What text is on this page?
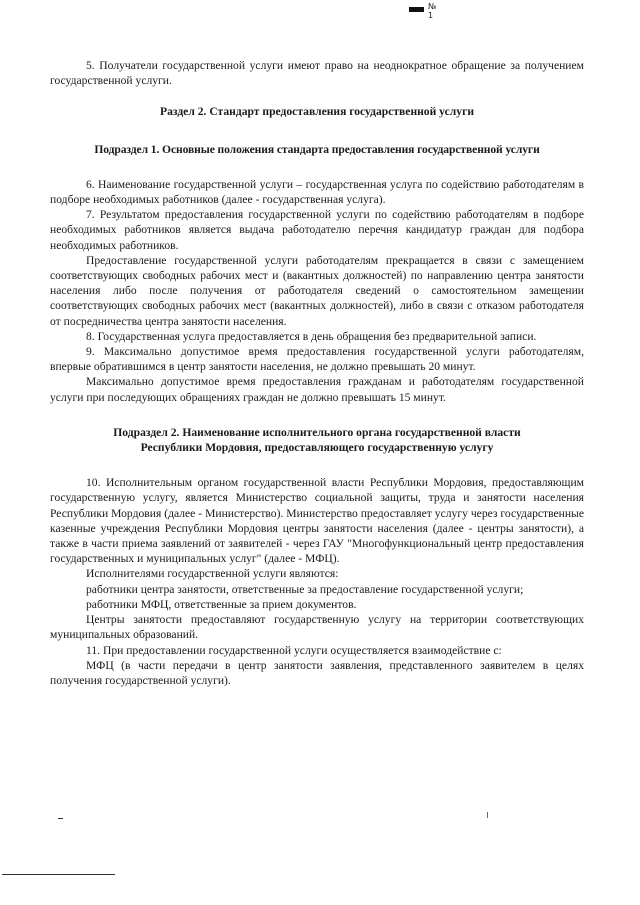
№ 1

5. Получатели государственной услуги имеют право на неоднократное обращение за получением государственной услуги.

Раздел 2. Стандарт предоставления государственной услуги

Подраздел 1. Основные положения стандарта предоставления государственной услуги

6. Наименование государственной услуги – государственная услуга по содействию работодателям в подборе необходимых работников (далее - государственная услуга).

7. Результатом предоставления государственной услуги по содействию работодателям в подборе необходимых работников является выдача работодателю перечня кандидатур граждан для подбора необходимых работников.

Предоставление государственной услуги работодателям прекращается в связи с замещением соответствующих свободных рабочих мест и (вакантных должностей) по направлению центра занятости населения либо после получения от работодателя сведений о самостоятельном замещении соответствующих свободных рабочих мест (вакантных должностей), либо в связи с отказом работодателя от посредничества центра занятости населения.

8. Государственная услуга предоставляется в день обращения без предварительной записи.

9. Максимально допустимое время предоставления государственной услуги работодателям, впервые обратившимся в центр занятости населения, не должно превышать 20 минут.

Максимально допустимое время предоставления гражданам и работодателям государственной услуги при последующих обращениях граждан не должно превышать 15 минут.

Подраздел 2. Наименование исполнительного органа государственной власти

Республики Мордовия, предоставляющего государственную услугу

10. Исполнительным органом государственной власти Республики Мордовия, предоставляющим государственную услугу, является Министерство социальной защиты, труда и занятости населения Республики Мордовия (далее - Министерство). Министерство предоставляет услугу через государственные казенные учреждения Республики Мордовия центры занятости населения (далее - центры занятости), а также в части приема заявлений от заявителей - через ГАУ "Многофункциональный центр предоставления государственных и муниципальных услуг" (далее - МФЦ).

Исполнителями государственной услуги являются:

работники центра занятости, ответственные за предоставление государственной услуги;

работники МФЦ, ответственные за прием документов.

Центры занятости предоставляют государственную услугу на территории соответствующих муниципальных образований.

11. При предоставлении государственной услуги осуществляется взаимодействие с:

МФЦ (в части передачи в центр занятости заявления, представленного заявителем в целях получения государственной услуги).
